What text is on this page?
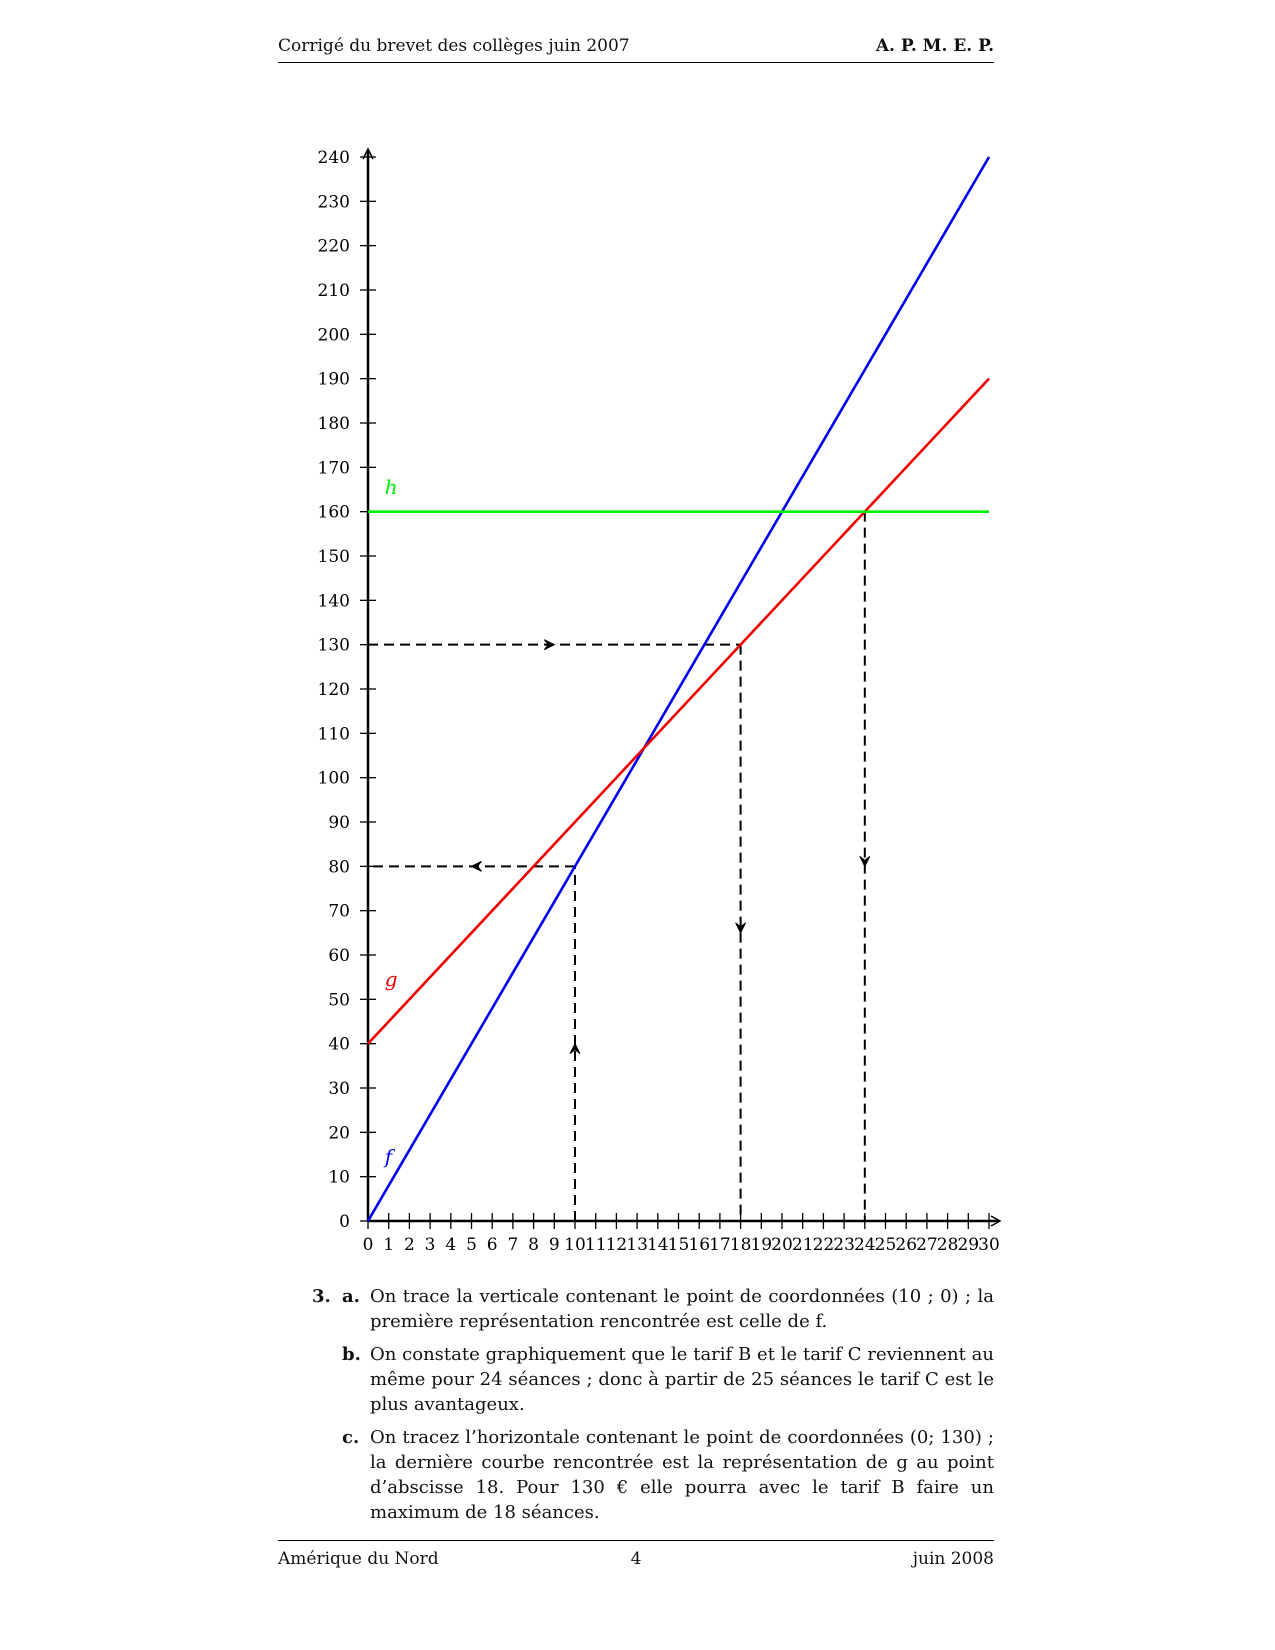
Corrigé du brevet des collèges juin 2007	A. P. M. E. P.
0
10
20
30
40
50
60
70
80
90
100
110
120
130
140
150
160
170
180
190
200
210
220
230
240
0 1 2 3 4 5 6 7 8 9 10 11 12 13 14 15 16 17 18 19 20 21 22 23 24 25 26 27 28 29 30
h
g
f
3. a. On trace la verticale contenant le point de coordonnées (10 ; 0) ; la première représentation rencontrée est celle de f.
b. On constate graphiquement que le tarif B et le tarif C reviennent au même pour 24 séances ; donc à partir de 25 séances le tarif C est le plus avantageux.
c. On tracez l’horizontale contenant le point de coordonnées (0; 130) ; la dernière courbe rencontrée est la représentation de g au point d’abscisse 18. Pour 130 € elle pourra avec le tarif B faire un maximum de 18 séances.
Amérique du Nord	4	juin 2008
